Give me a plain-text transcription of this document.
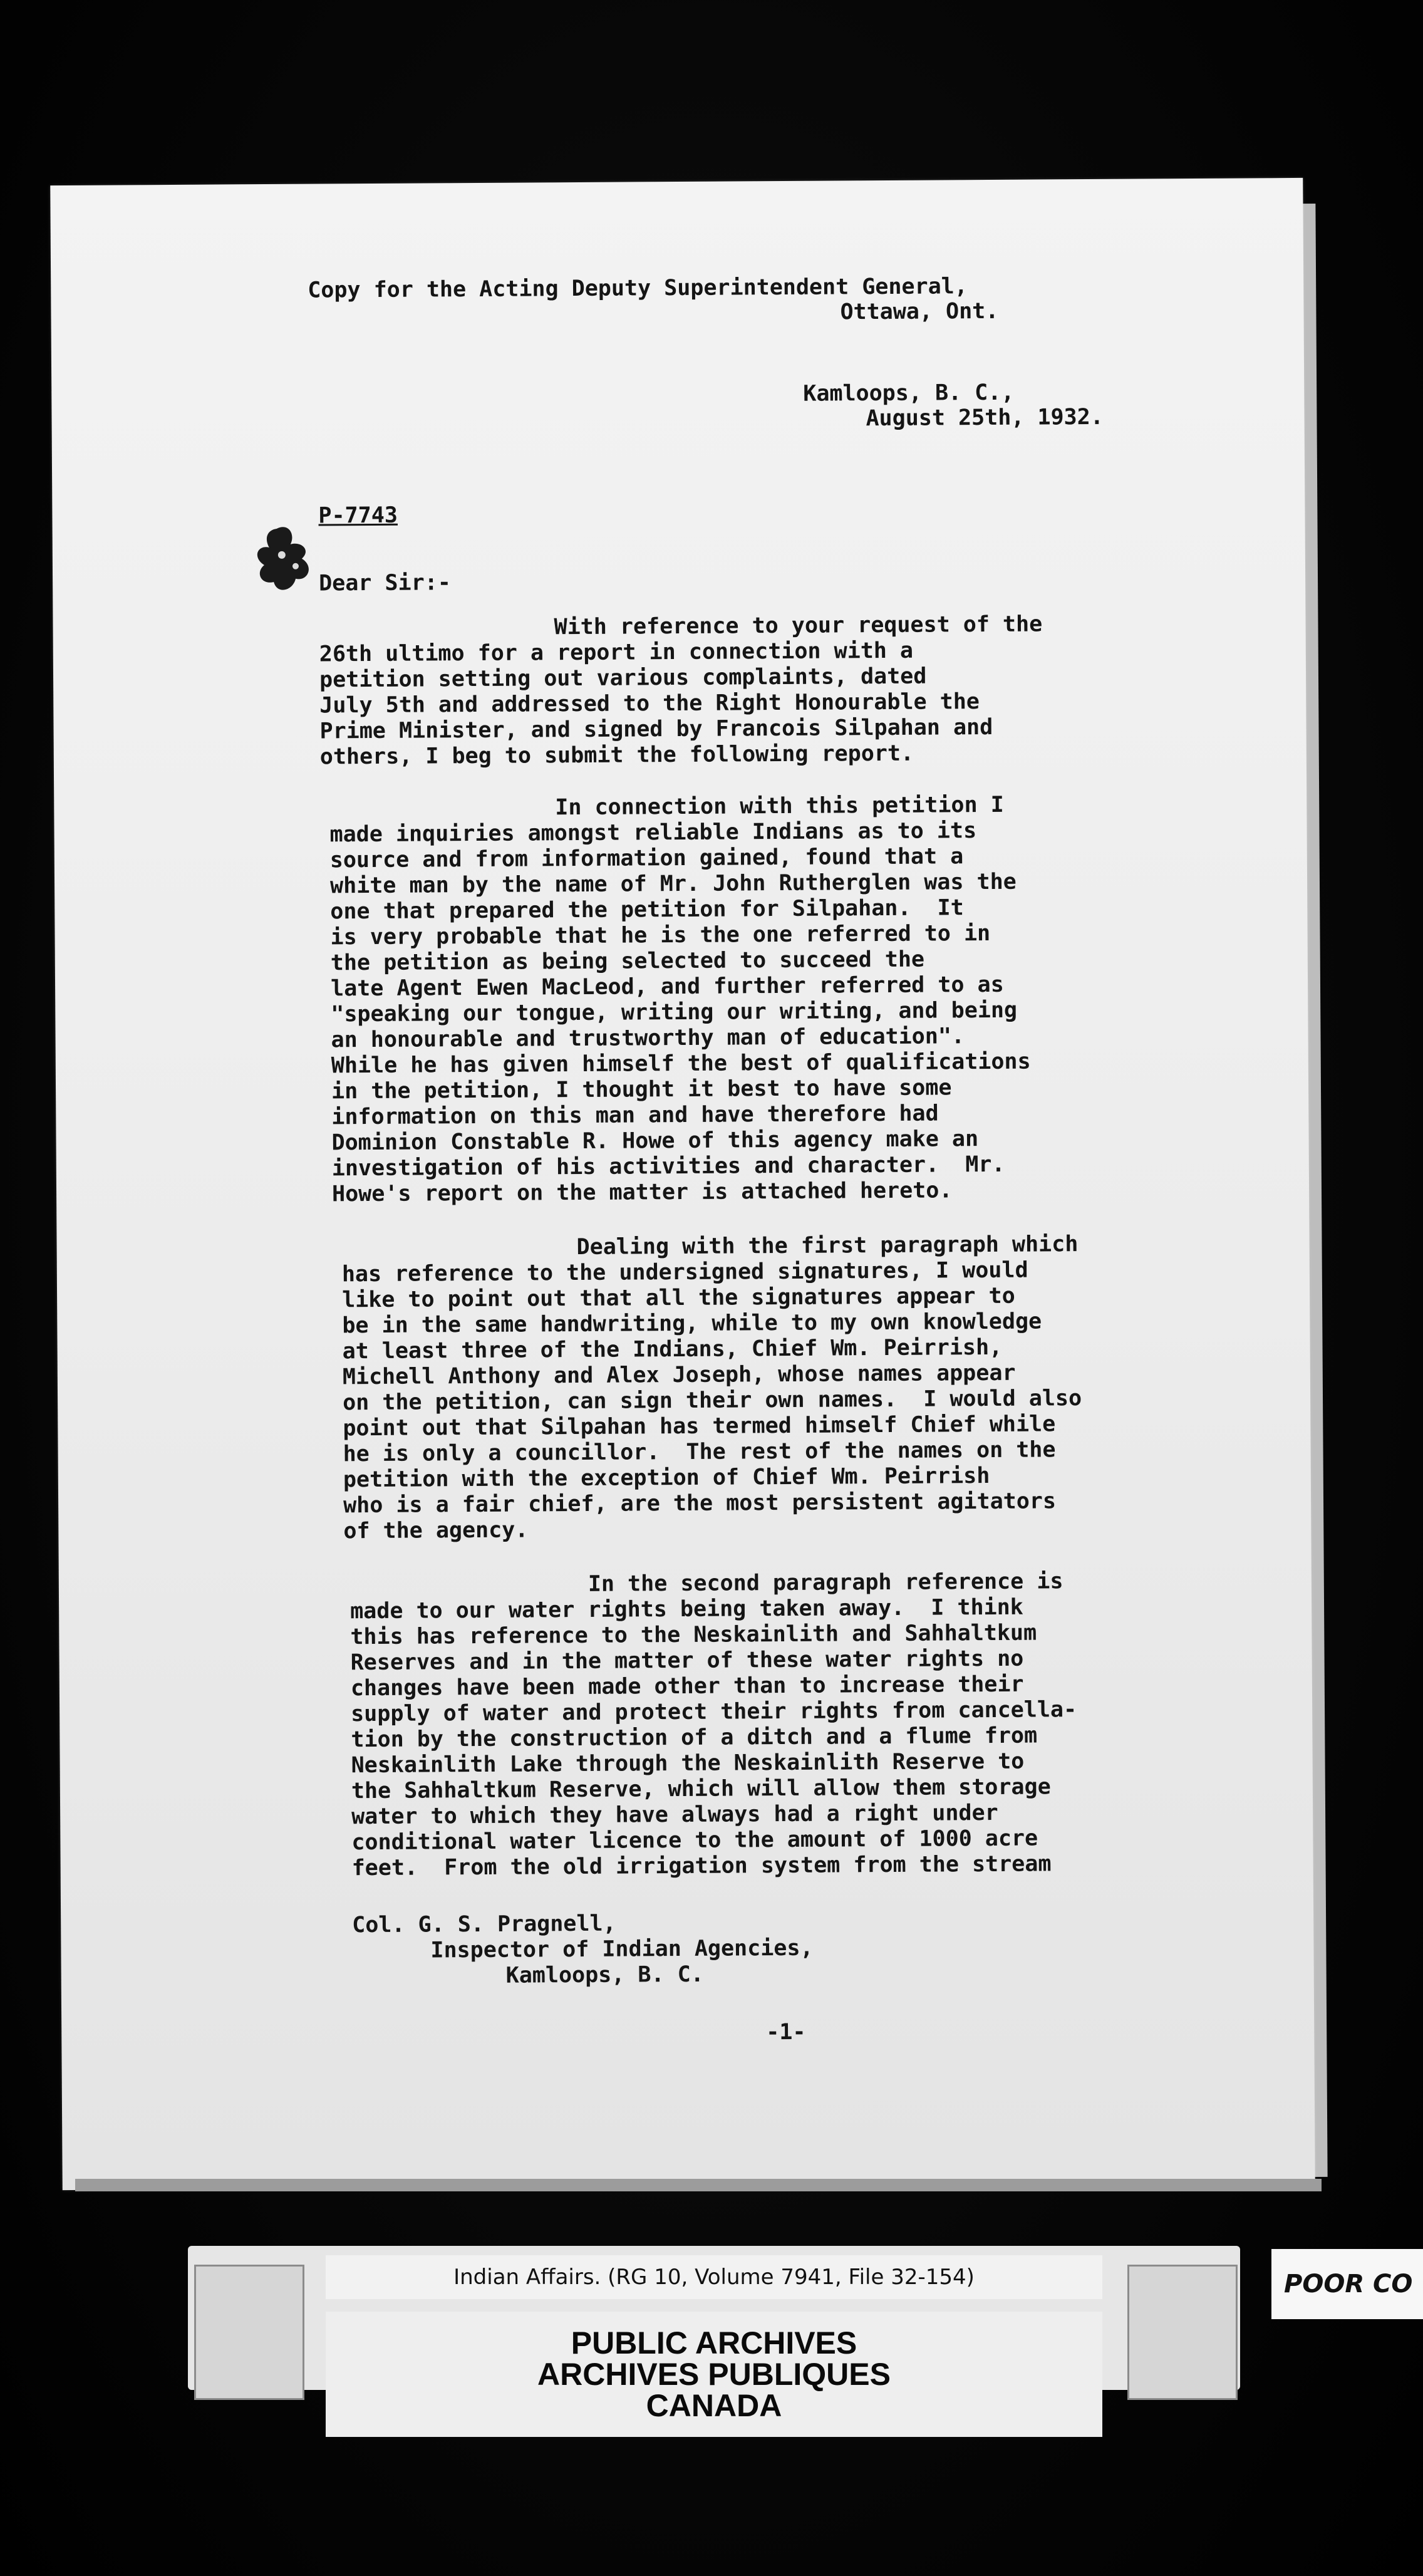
Copy for the Acting Deputy Superintendent General,
Ottawa, Ont.
Kamloops, B. C.,
August 25th, 1932.
P-7743
Dear Sir:-
With reference to your request of the
26th ultimo for a report in connection with a
petition setting out various complaints, dated
July 5th and addressed to the Right Honourable the
Prime Minister, and signed by Francois Silpahan and
others, I beg to submit the following report.
In connection with this petition I
made inquiries amongst reliable Indians as to its
source and from information gained, found that a
white man by the name of Mr. John Rutherglen was the
one that prepared the petition for Silpahan.  It
is very probable that he is the one referred to in
the petition as being selected to succeed the
late Agent Ewen MacLeod, and further referred to as
"speaking our tongue, writing our writing, and being
an honourable and trustworthy man of education".
While he has given himself the best of qualifications
in the petition, I thought it best to have some
information on this man and have therefore had
Dominion Constable R. Howe of this agency make an
investigation of his activities and character.  Mr.
Howe's report on the matter is attached hereto.
Dealing with the first paragraph which
has reference to the undersigned signatures, I would
like to point out that all the signatures appear to
be in the same handwriting, while to my own knowledge
at least three of the Indians, Chief Wm. Peirrish,
Michell Anthony and Alex Joseph, whose names appear
on the petition, can sign their own names.  I would also
point out that Silpahan has termed himself Chief while
he is only a councillor.  The rest of the names on the
petition with the exception of Chief Wm. Peirrish
who is a fair chief, are the most persistent agitators
of the agency.
In the second paragraph reference is
made to our water rights being taken away.  I think
this has reference to the Neskainlith and Sahhaltkum
Reserves and in the matter of these water rights no
changes have been made other than to increase their
supply of water and protect their rights from cancella-
tion by the construction of a ditch and a flume from
Neskainlith Lake through the Neskainlith Reserve to
the Sahhaltkum Reserve, which will allow them storage
water to which they have always had a right under
conditional water licence to the amount of 1000 acre
feet.  From the old irrigation system from the stream
Col. G. S. Pragnell,
Inspector of Indian Agencies,
Kamloops, B. C.
-1-
Indian Affairs. (RG 10, Volume 7941, File 32-154)
PUBLIC ARCHIVES
ARCHIVES PUBLIQUES
CANADA
POOR CO
